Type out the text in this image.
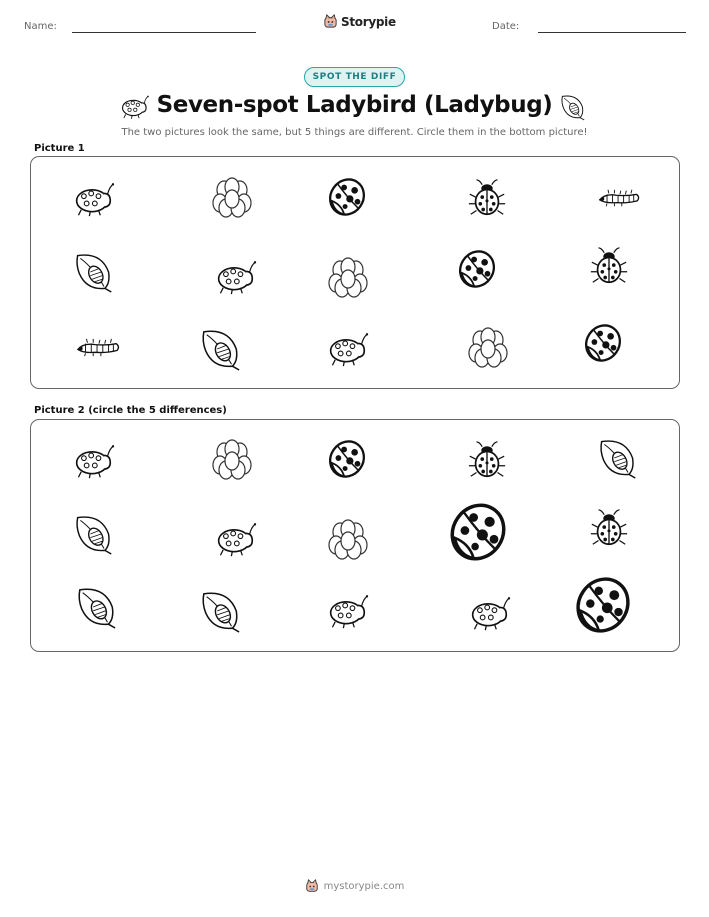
Name:	Storypie	Date:
SPOT THE DIFF
Seven-spot Ladybird (Ladybug)
The two pictures look the same, but 5 things are different. Circle them in the bottom picture!
Picture 1
Picture 2 (circle the 5 differences)
mystorypie.com
